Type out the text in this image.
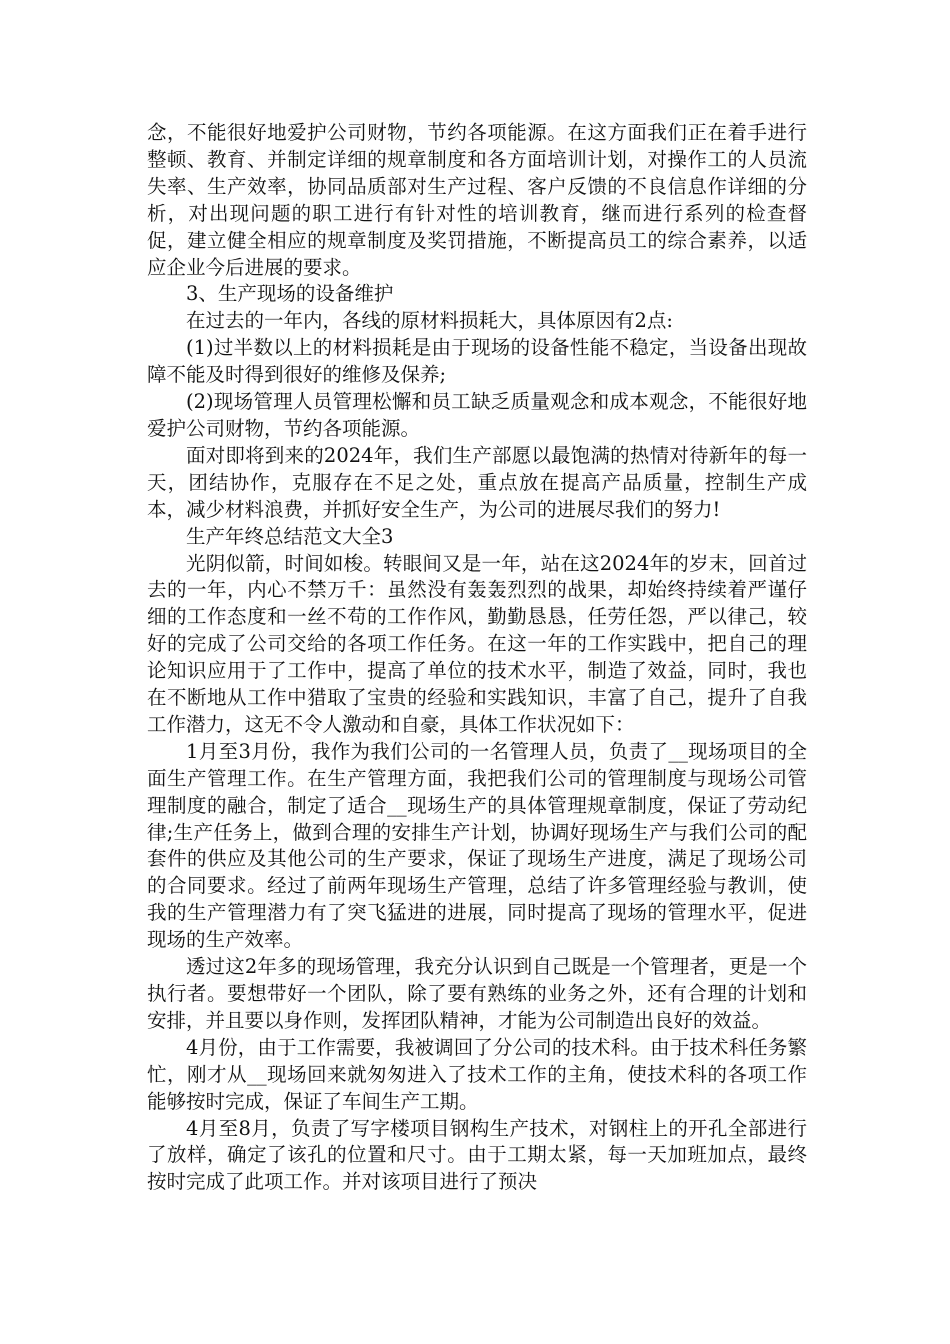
念，不能很好地爱护公司财物，节约各项能源。在这方面我们正在着手进行整顿、教育、并制定详细的规章制度和各方面培训计划，对操作工的人员流失率、生产效率，协同品质部对生产过程、客户反馈的不良信息作详细的分析，对出现问题的职工进行有针对性的培训教育，继而进行系列的检查督促，建立健全相应的规章制度及奖罚措施，不断提高员工的综合素养，以适应企业今后进展的要求。

3、生产现场的设备维护

在过去的一年内，各线的原材料损耗大，具体原因有2点:

(1)过半数以上的材料损耗是由于现场的设备性能不稳定，当设备出现故障不能及时得到很好的维修及保养;

(2)现场管理人员管理松懈和员工缺乏质量观念和成本观念，不能很好地爱护公司财物，节约各项能源。

面对即将到来的2024年，我们生产部愿以最饱满的热情对待新年的每一天，团结协作，克服存在不足之处，重点放在提高产品质量，控制生产成本，减少材料浪费，并抓好安全生产，为公司的进展尽我们的努力!

生产年终总结范文大全3

光阴似箭，时间如梭。转眼间又是一年，站在这2024年的岁末，回首过去的一年，内心不禁万千：虽然没有轰轰烈烈的战果，却始终持续着严谨仔细的工作态度和一丝不苟的工作作风，勤勤恳恳，任劳任怨，严以律己，较好的完成了公司交给的各项工作任务。在这一年的工作实践中，把自己的理论知识应用于了工作中，提高了单位的技术水平，制造了效益，同时，我也在不断地从工作中猎取了宝贵的经验和实践知识，丰富了自己，提升了自我工作潜力，这无不令人激动和自豪，具体工作状况如下：

1月至3月份，我作为我们公司的一名管理人员，负责了__现场项目的全面生产管理工作。在生产管理方面，我把我们公司的管理制度与现场公司管理制度的融合，制定了适合__现场生产的具体管理规章制度，保证了劳动纪律;生产任务上，做到合理的安排生产计划，协调好现场生产与我们公司的配套件的供应及其他公司的生产要求，保证了现场生产进度，满足了现场公司的合同要求。经过了前两年现场生产管理，总结了许多管理经验与教训，使我的生产管理潜力有了突飞猛进的进展，同时提高了现场的管理水平，促进现场的生产效率。

透过这2年多的现场管理，我充分认识到自己既是一个管理者，更是一个执行者。要想带好一个团队，除了要有熟练的业务之外，还有合理的计划和安排，并且要以身作则，发挥团队精神，才能为公司制造出良好的效益。

4月份，由于工作需要，我被调回了分公司的技术科。由于技术科任务繁忙，刚才从__现场回来就匆匆进入了技术工作的主角，使技术科的各项工作能够按时完成，保证了车间生产工期。

4月至8月，负责了写字楼项目钢构生产技术，对钢柱上的开孔全部进行了放样，确定了该孔的位置和尺寸。由于工期太紧，每一天加班加点，最终按时完成了此项工作。并对该项目进行了预决
